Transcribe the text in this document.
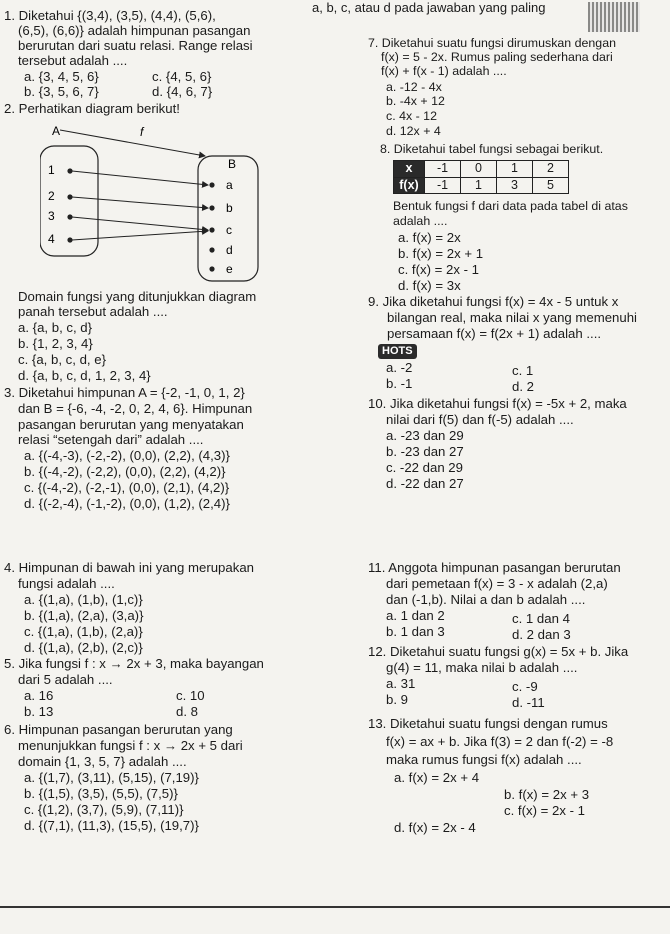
a, b, c, atau d pada jawaban yang paling
1. Diketahui {(3,4), (3,5), (4,4), (5,6),
(6,5), (6,6)} adalah himpunan pasangan
berurutan dari suatu relasi. Range relasi
tersebut adalah ....
a. {3, 4, 5, 6}	c. {4, 5, 6}
b. {3, 5, 6, 7}	d. {4, 6, 7}
2. Perhatikan diagram berikut!
A	f
B
1
2
3
4
a
b
c
d
e
Domain fungsi yang ditunjukkan diagram
panah tersebut adalah ....
a. {a, b, c, d}
b. {1, 2, 3, 4}
c. {a, b, c, d, e}
d. {a, b, c, d, 1, 2, 3, 4}
3. Diketahui himpunan A = {-2, -1, 0, 1, 2}
dan B = {-6, -4, -2, 0, 2, 4, 6}. Himpunan
pasangan berurutan yang menyatakan
relasi “setengah dari” adalah ....
a. {(-4,-3), (-2,-2), (0,0), (2,2), (4,3)}
b. {(-4,-2), (-2,2), (0,0), (2,2), (4,2)}
c. {(-4,-2), (-2,-1), (0,0), (2,1), (4,2)}
d. {(-2,-4), (-1,-2), (0,0), (1,2), (2,4)}
4. Himpunan di bawah ini yang merupakan
fungsi adalah ....
a. {(1,a), (1,b), (1,c)}
b. {(1,a), (2,a), (3,a)}
c. {(1,a), (1,b), (2,a)}
d. {(1,a), (2,b), (2,c)}
5. Jika fungsi f : x → 2x + 3, maka bayangan
dari 5 adalah ....
a. 16	c. 10
b. 13	d. 8
6. Himpunan pasangan berurutan yang
menunjukkan fungsi f : x → 2x + 5 dari
domain {1, 3, 5, 7} adalah ....
a. {(1,7), (3,11), (5,15), (7,19)}
b. {(1,5), (3,5), (5,5), (7,5)}
c. {(1,2), (3,7), (5,9), (7,11)}
d. {(7,1), (11,3), (15,5), (19,7)}
7. Diketahui suatu fungsi dirumuskan dengan
f(x) = 5 - 2x. Rumus paling sederhana dari
f(x) + f(x - 1) adalah ....
a. -12 - 4x
b. -4x + 12
c. 4x - 12
d. 12x + 4
8. Diketahui tabel fungsi sebagai berikut.
x	-1	0	1	2
f(x)	-1	1	3	5
Bentuk fungsi f dari data pada tabel di atas
adalah ....
a. f(x) = 2x
b. f(x) = 2x + 1
c. f(x) = 2x - 1
d. f(x) = 3x
9. Jika diketahui fungsi f(x) = 4x - 5 untuk x
bilangan real, maka nilai x yang memenuhi
persamaan f(x) = f(2x + 1) adalah ....
HOTS
a. -2	c. 1
b. -1	d. 2
10. Jika diketahui fungsi f(x) = -5x + 2, maka
nilai dari f(5) dan f(-5) adalah ....
a. -23 dan 29
b. -23 dan 27
c. -22 dan 29
d. -22 dan 27
11. Anggota himpunan pasangan berurutan
dari pemetaan f(x) = 3 - x adalah (2,a)
dan (-1,b). Nilai a dan b adalah ....
a. 1 dan 2	c. 1 dan 4
b. 1 dan 3	d. 2 dan 3
12. Diketahui suatu fungsi g(x) = 5x + b. Jika
g(4) = 11, maka nilai b adalah ....
a. 31	c. -9
b. 9	d. -11
13. Diketahui suatu fungsi dengan rumus
f(x) = ax + b. Jika f(3) = 2 dan f(-2) = -8
maka rumus fungsi f(x) adalah ....
a. f(x) = 2x + 4
b. f(x) = 2x + 3
c. f(x) = 2x - 1
d. f(x) = 2x - 4
